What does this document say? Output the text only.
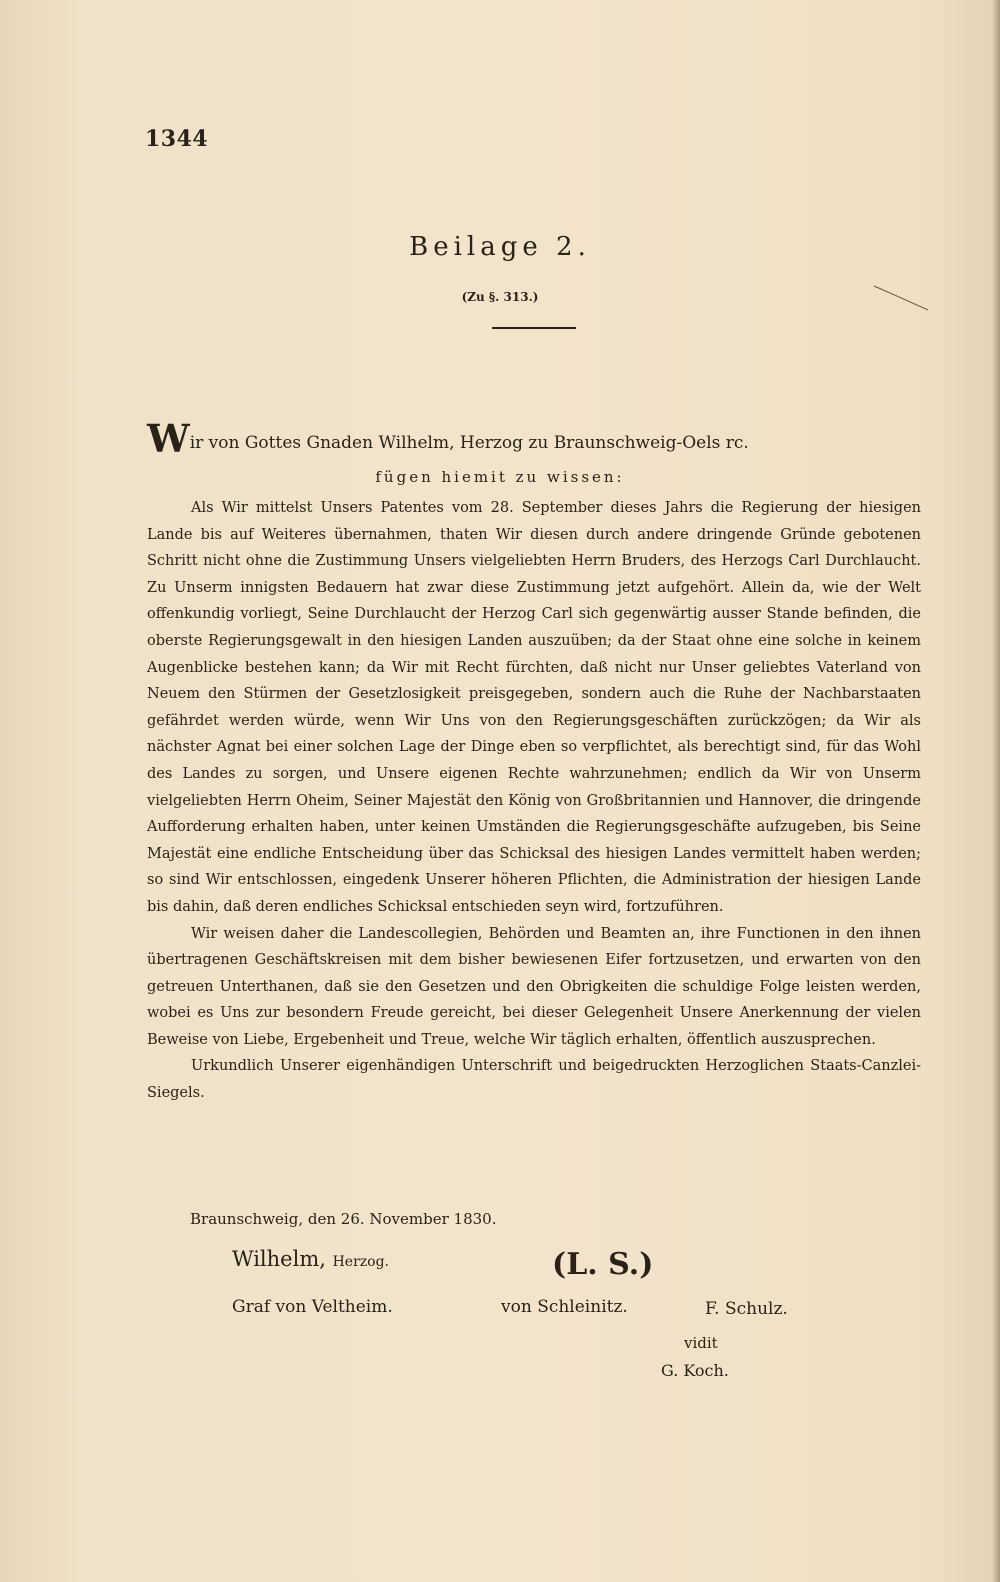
1344
Beilage 2.
(Zu §. 313.)
Wir von Gottes Gnaden Wilhelm, Herzog zu Braunschweig-Oels rc.
fügen hiemit zu wissen:

Als Wir mittelst Unsers Patentes vom 28. September dieses Jahrs die Regierung der hiesigen Lande bis auf Weiteres übernahmen, thaten Wir diesen durch andere dringende Gründe gebotenen Schritt nicht ohne die Zustimmung Unsers vielgeliebten Herrn Bruders, des Herzogs Carl Durchlaucht. Zu Unserm innigsten Bedauern hat zwar diese Zustimmung jetzt aufgehört. Allein da, wie der Welt offenkundig vorliegt, Seine Durchlaucht der Herzog Carl sich gegenwärtig ausser Stande befinden, die oberste Regierungsgewalt in den hiesigen Landen auszuüben; da der Staat ohne eine solche in keinem Augenblicke bestehen kann; da Wir mit Recht fürchten, daß nicht nur Unser geliebtes Vaterland von Neuem den Stürmen der Gesetzlosigkeit preisgegeben, sondern auch die Ruhe der Nachbarstaaten gefährdet werden würde, wenn Wir Uns von den Regierungsgeschäften zurückzögen; da Wir als nächster Agnat bei einer solchen Lage der Dinge eben so verpflichtet, als berechtigt sind, für das Wohl des Landes zu sorgen, und Unsere eigenen Rechte wahrzunehmen; endlich da Wir von Unserm vielgeliebten Herrn Oheim, Seiner Majestät den König von Großbritannien und Hannover, die dringende Aufforderung erhalten haben, unter keinen Umständen die Regierungsgeschäfte aufzugeben, bis Seine Majestät eine endliche Entscheidung über das Schicksal des hiesigen Landes vermittelt haben werden; so sind Wir entschlossen, eingedenk Unserer höheren Pflichten, die Administration der hiesigen Lande bis dahin, daß deren endliches Schicksal entschieden seyn wird, fortzuführen.

Wir weisen daher die Landescollegien, Behörden und Beamten an, ihre Functionen in den ihnen übertragenen Geschäftskreisen mit dem bisher bewiesenen Eifer fortzusetzen, und erwarten von den getreuen Unterthanen, daß sie den Gesetzen und den Obrigkeiten die schuldige Folge leisten werden, wobei es Uns zur besondern Freude gereicht, bei dieser Gelegenheit Unsere Anerkennung der vielen Beweise von Liebe, Ergebenheit und Treue, welche Wir täglich erhalten, öffentlich auszusprechen.

Urkundlich Unserer eigenhändigen Unterschrift und beigedruckten Herzoglichen Staats-Canzlei-Siegels.

Braunschweig, den 26. November 1830.
Wilhelm, Herzog.	(L. S.)
Graf von Veltheim.	von Schleinitz.	F. Schulz.
vidit
G. Koch.
